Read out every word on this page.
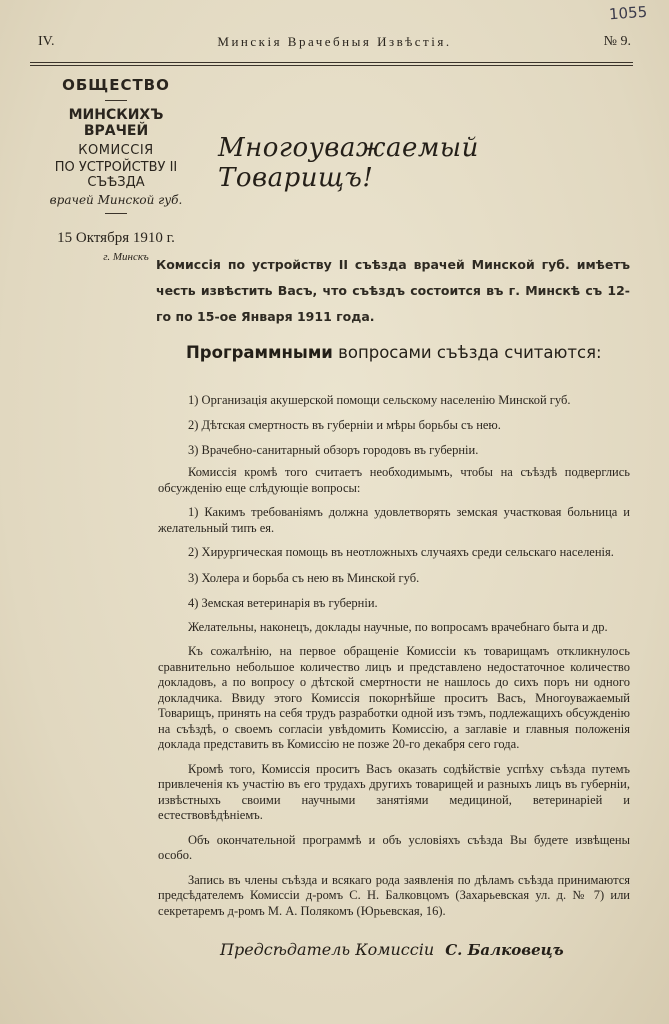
1055
IV.	Минскія Врачебныя Извѣстія.	№ 9.
ОБЩЕСТВО
МИНСКИХЪ ВРАЧЕЙ
КОМИССІЯ
ПО УСТРОЙСТВУ II СЪѢЗДА
врачей Минской губ.
15 Октября 1910 г.
г. Минскъ
Многоуважаемый Товарищъ!
Комиссія по устройству II съѣзда врачей Минской губ. имѣетъ честь извѣстить Васъ, что съѣздъ состоится въ г. Минскѣ съ 12-го по 15-ое Января 1911 года.
Программными вопросами съѣзда считаются:

1) Организація акушерской помощи сельскому населенію Минской губ.

2) Дѣтская смертность въ губерніи и мѣры борьбы съ нею.

3) Врачебно-санитарный обзоръ городовъ въ губерніи.

Комиссія кромѣ того считаетъ необходимымъ, чтобы на съѣздѣ подверглись обсужденію еще слѣдующіе вопросы:

1) Какимъ требованіямъ должна удовлетворять земская участковая больница и желательный типъ ея.

2) Хирургическая помощь въ неотложныхъ случаяхъ среди сельскаго населенія.

3) Холера и борьба съ нею въ Минской губ.

4) Земская ветеринарія въ губерніи.

Желательны, наконецъ, доклады научные, по вопросамъ врачебнаго быта и др.

Къ сожалѣнію, на первое обращеніе Комиссіи къ товарищамъ откликнулось сравнительно небольшое количество лицъ и представлено недостаточное количество докладовъ, а по вопросу о дѣтской смертности не нашлось до сихъ поръ ни одного докладчика. Ввиду этого Комиссія покорнѣйше проситъ Васъ, Многоуважаемый Товарищъ, принять на себя трудъ разработки одной изъ тэмъ, подлежащихъ обсужденію на съѣздѣ, о своемъ согласіи увѣдомить Комиссію, а заглавіе и главныя положенія доклада представить въ Комиссію не позже 20-го декабря сего года.

Кромѣ того, Комиссія проситъ Васъ оказать содѣйствіе успѣху съѣзда путемъ привлеченія къ участію въ его трудахъ другихъ товарищей и разныхъ лицъ въ губерніи, извѣстныхъ своими научными занятіями медициной, ветеринаріей и естествовѣдѣніемъ.

Объ окончательной программѣ и объ условіяхъ съѣзда Вы будете извѣщены особо.

Запись въ члены съѣзда и всякаго рода заявленія по дѣламъ съѣзда принимаются предсѣдателемъ Комиссіи д-ромъ С. Н. Балковцомъ (Захарьевская ул. д. № 7) или секретаремъ д-ромъ М. А. Полякомъ (Юрьевская, 16).

Предсѣдатель Комиссіи С. Балковецъ
